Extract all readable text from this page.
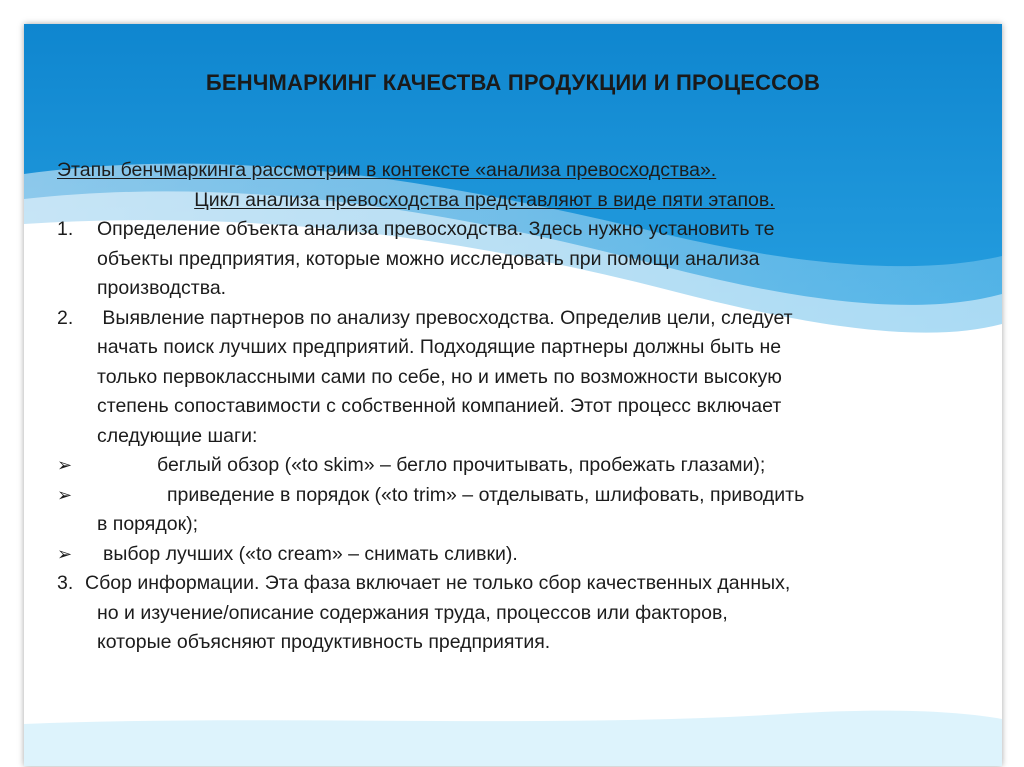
БЕНЧМАРКИНГ КАЧЕСТВА ПРОДУКЦИИ И ПРОЦЕССОВ
Этапы бенчмаркинга рассмотрим в контексте «анализа превосходства».
Цикл анализа превосходства представляют в виде пяти этапов.
1. Определение объекта анализа превосходства. Здесь нужно установить те
объекты предприятия, которые можно исследовать при помощи анализа
производства.
2. Выявление партнеров по анализу превосходства. Определив цели, следует
начать поиск лучших предприятий. Подходящие партнеры должны быть не
только первоклассными сами по себе, но и иметь по возможности высокую
степень сопоставимости с собственной компанией. Этот процесс включает
следующие шаги:
➢	беглый обзор («to skim» – бегло прочитывать, пробежать глазами);
➢	приведение в порядок («to trim» – отделывать, шлифовать, приводить
в порядок);
➢	выбор лучших («to cream» – снимать сливки).
3. Сбор информации. Эта фаза включает не только сбор качественных данных,
но и изучение/описание содержания труда, процессов или факторов,
которые объясняют продуктивность предприятия.
